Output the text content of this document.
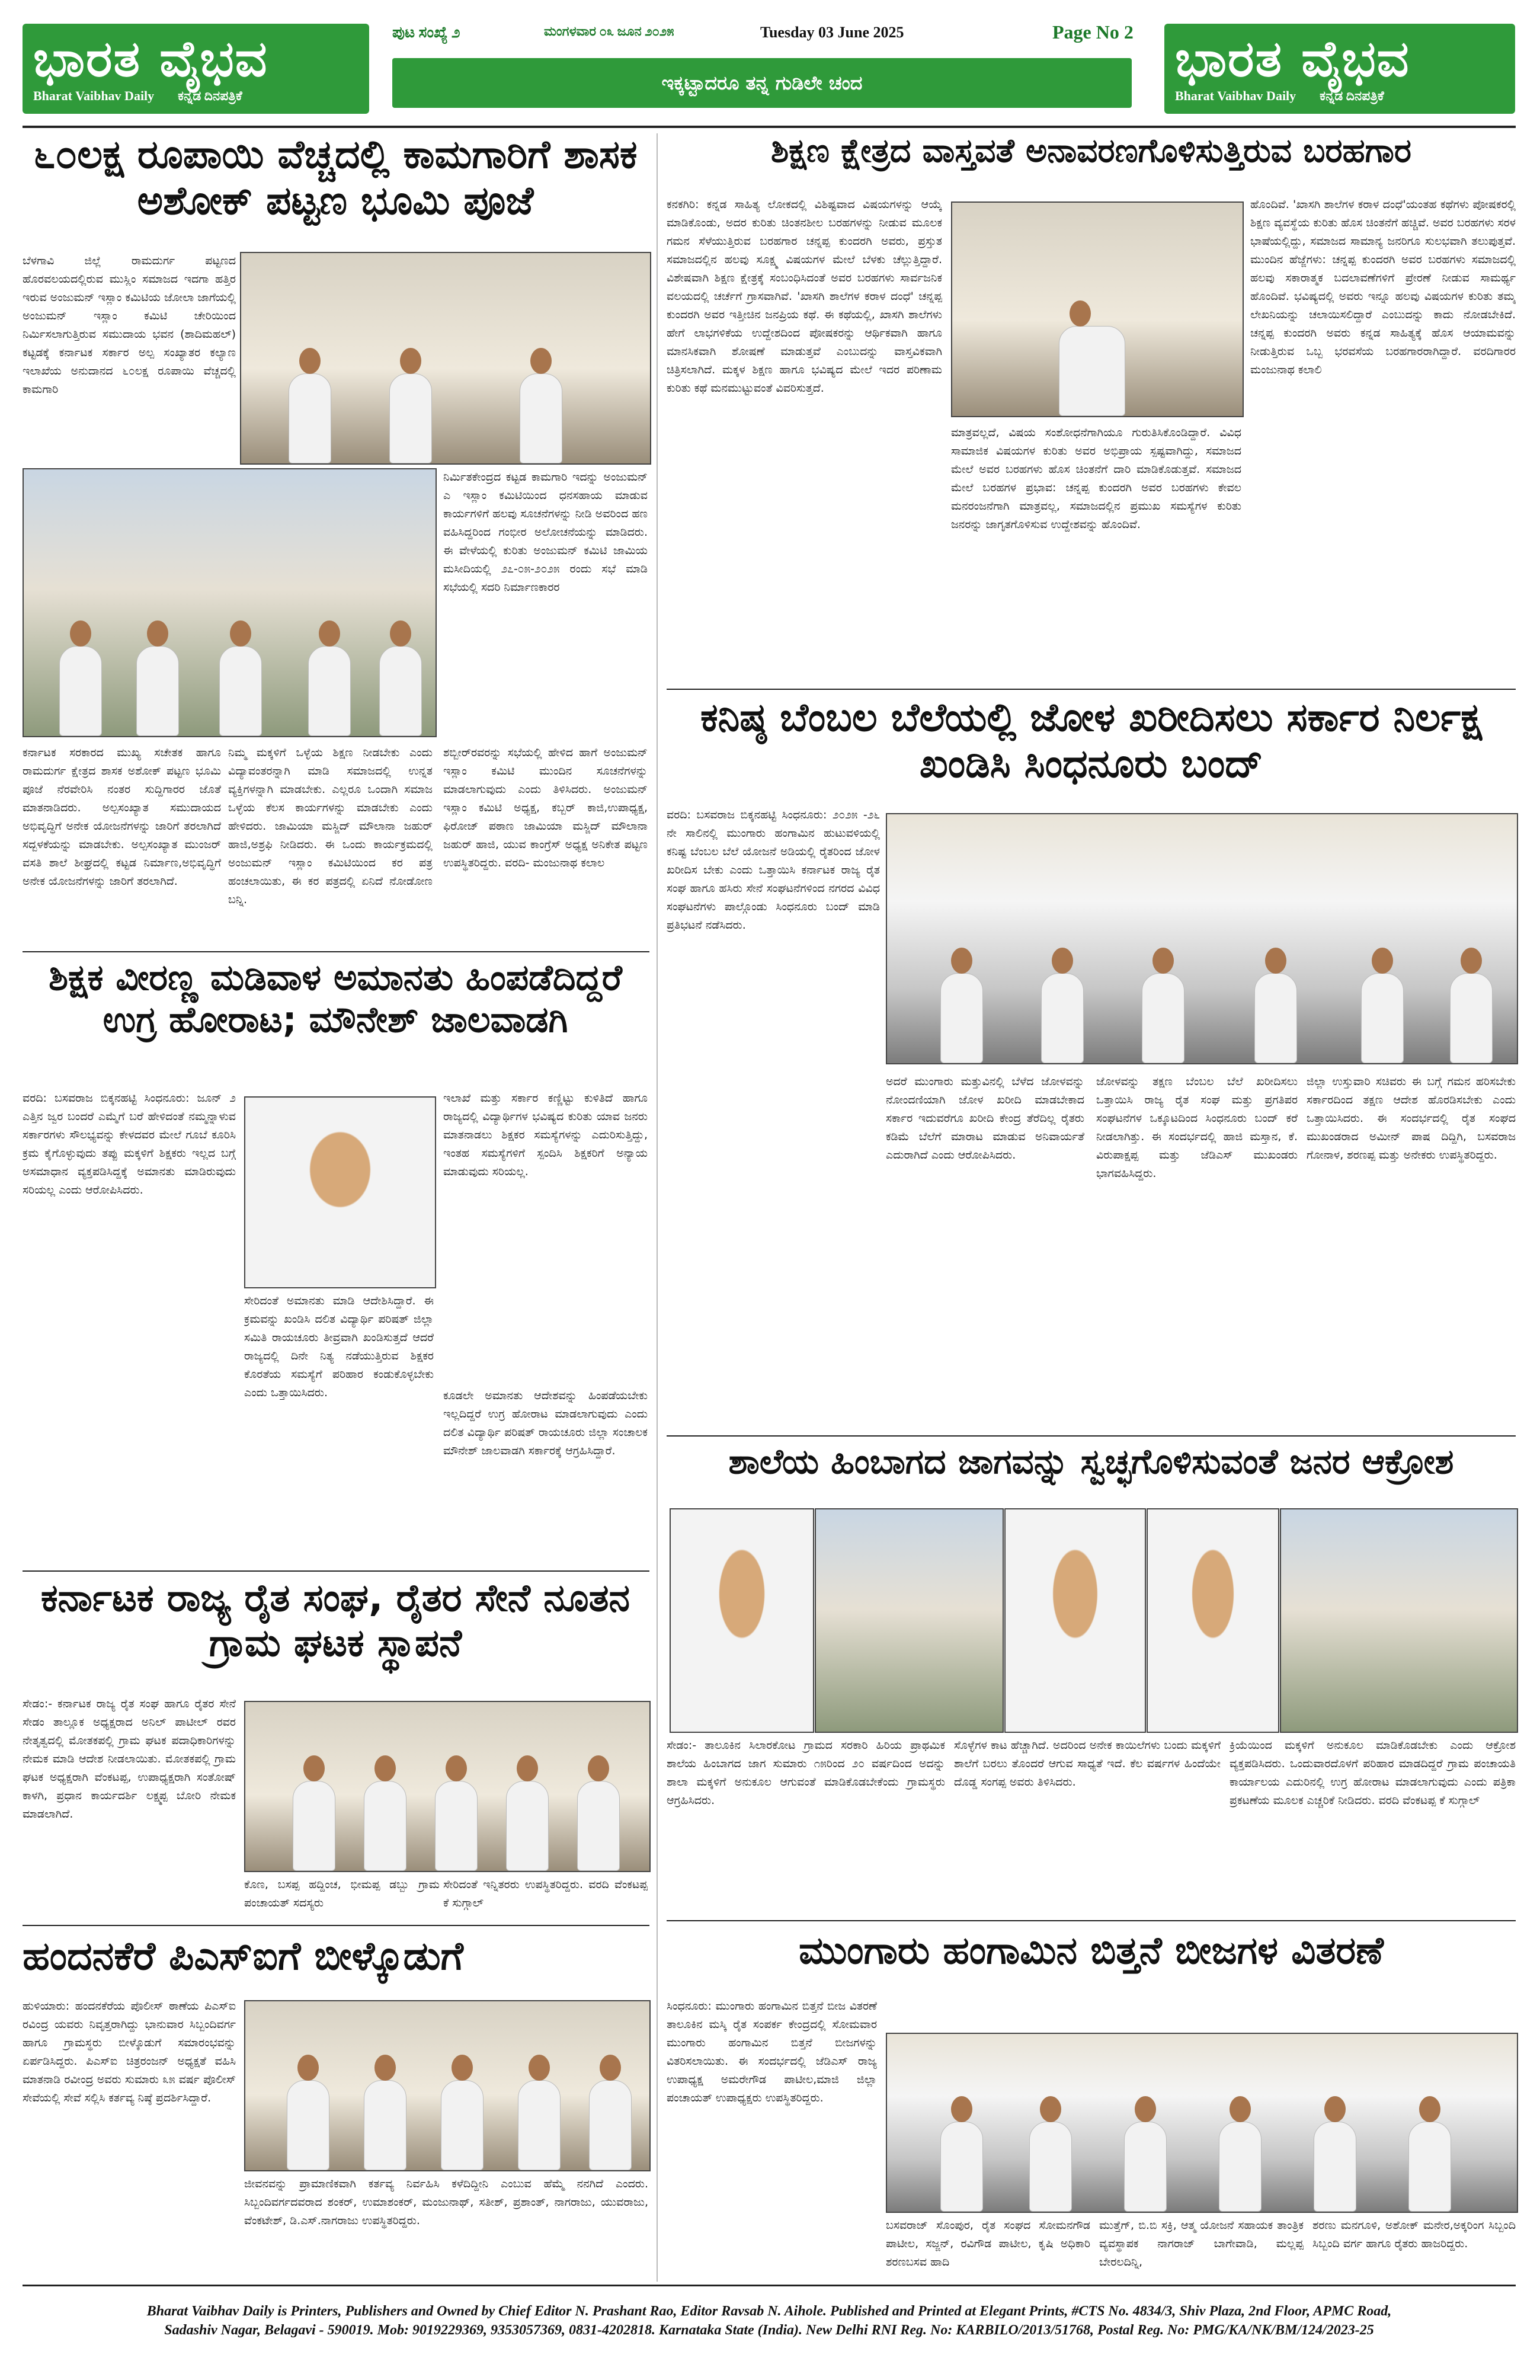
ಭಾರತ ವೈಭವ
Bharat Vaibhav Daily ಕನ್ನಡ ದಿನಪತ್ರಿಕೆ
ಭಾರತ ವೈಭವ
Bharat Vaibhav Daily ಕನ್ನಡ ದಿನಪತ್ರಿಕೆ
ಪುಟ ಸಂಖ್ಯೆ ೨	ಮಂಗಳವಾರ ೦೩ ಜೂನ ೨೦೨೫	Tuesday 03 June 2025	Page No 2
ಇಕ್ಕಟ್ಟಾದರೂ ತನ್ನ ಗುಡಿಲೇ ಚಂದ
೬೦ಲಕ್ಷ ರೂಪಾಯಿ ವೆಚ್ಚದಲ್ಲಿ ಕಾಮಗಾರಿಗೆ ಶಾಸಕ ಅಶೋಕ್ ಪಟ್ಟಣ ಭೂಮಿ ಪೂಜೆ
ಬೆಳಗಾವಿ ಜಿಲ್ಲೆ ರಾಮದುರ್ಗ ಪಟ್ಟಣದ ಹೊರವಲಯದಲ್ಲಿರುವ ಮುಸ್ಲಿಂ ಸಮಾಜದ ಇದಗಾ ಹತ್ತಿರ ಇರುವ ಅಂಜುಮನ್ ಇಸ್ಲಾಂ ಕಮಿಟಿಯ ಜೋಲಾ ಜಾಗೆಯಲ್ಲಿ ಅಂಜುಮನ್ ಇಸ್ಲಾಂ ಕಮಿಟಿ ಚೇರಿಯಿಂದ ನಿರ್ಮಿಸಲಾಗುತ್ತಿರುವ ಸಮುದಾಯ ಭವನ (ಶಾದಿಮಹಲ್) ಕಟ್ಟಡಕ್ಕೆ ಕರ್ನಾಟಕ ಸರ್ಕಾರ ಅಲ್ಪ ಸಂಖ್ಯಾತರ ಕಲ್ಯಾಣ ಇಲಾಖೆಯ ಅನುದಾನದ ೬೦ಲಕ್ಷ ರೂಪಾಯಿ ವೆಚ್ಚದಲ್ಲಿ ಕಾಮಗಾರಿ
ನಿರ್ಮಿತಕೇಂದ್ರದ ಕಟ್ಟಡ ಕಾಮಗಾರಿ ಇದನ್ನು ಅಂಜುಮನ್ ಎ ಇಸ್ಲಾಂ ಕಮಿಟಿಯಿಂದ ಧನಸಹಾಯ ಮಾಡುವ ಕಾರ್ಯಗಳಿಗೆ ಹಲವು ಸೂಚನೆಗಳನ್ನು ನೀಡಿ ಅವರಿಂದ ಹಣ ವಹಿಸಿದ್ದರಿಂದ ಗಂಭೀರ ಅಲೋಚನೆಯನ್ನು ಮಾಡಿದರು. ಈ ವೇಳೆಯಲ್ಲಿ ಕುರಿತು ಅಂಜುಮನ್ ಕಮಿಟಿ ಜಾಮಿಯ ಮಸೀದಿಯಲ್ಲಿ ೨೭-೦೫-೨೦೨೫ ರಂದು ಸಭೆ ಮಾಡಿ ಸಭೆಯಲ್ಲಿ ಸದರಿ ನಿರ್ಮಾಣಕಾರರ
ಕರ್ನಾಟಕ ಸರಕಾರದ ಮುಖ್ಯ ಸಚೇತಕ ಹಾಗೂ ರಾಮದುರ್ಗ ಕ್ಷೇತ್ರದ ಶಾಸಕ ಅಶೋಕ್ ಪಟ್ಟಣ ಭೂಮಿ ಪೂಜೆ ನೆರವೇರಿಸಿ ನಂತರ ಸುದ್ದಿಗಾರರ ಜೊತೆ ಮಾತನಾಡಿದರು. ಅಲ್ಪಸಂಖ್ಯಾತ ಸಮುದಾಯದ ಅಭಿವೃದ್ಧಿಗೆ ಅನೇಕ ಯೋಜನೆಗಳನ್ನು ಜಾರಿಗೆ ತರಲಾಗಿದೆ ಸದ್ಬಳಕೆಯನ್ನು ಮಾಡಬೇಕು. ಅಲ್ಪಸಂಖ್ಯಾತ ಮುಂಜರ್ ವಸತಿ ಶಾಲೆ ಶೀಘ್ರದಲ್ಲಿ ಕಟ್ಟಡ ನಿರ್ಮಾಣ,ಅಭಿವೃದ್ಧಿಗೆ ಅನೇಕ ಯೋಜನೆಗಳನ್ನು ಜಾರಿಗೆ ತರಲಾಗಿದೆ.
ನಿಮ್ಮ ಮಕ್ಕಳಿಗೆ ಒಳ್ಳೆಯ ಶಿಕ್ಷಣ ನೀಡಬೇಕು ಎಂದು ವಿದ್ಯಾವಂತರನ್ನಾಗಿ ಮಾಡಿ ಸಮಾಜದಲ್ಲಿ ಉನ್ನತ ವ್ಯಕ್ತಿಗಳನ್ನಾಗಿ ಮಾಡಬೇಕು. ಎಲ್ಲರೂ ಒಂದಾಗಿ ಸಮಾಜ ಒಳ್ಳೆಯ ಕೆಲಸ ಕಾರ್ಯಗಳನ್ನು ಮಾಡಬೇಕು ಎಂದು ಹೇಳಿದರು. ಜಾಮಿಯಾ ಮಸ್ಜಿದ್ ಮೌಲಾನಾ ಜಹುರ್ ಹಾಜಿ,ಅಶ್ರಫಿ ನೀಡಿದರು. ಈ ಒಂದು ಕಾರ್ಯಕ್ರಮದಲ್ಲಿ ಅಂಜುಮನ್ ಇಸ್ಲಾಂ ಕಮಿಟಿಯಿಂದ ಕರ ಪತ್ರ ಹಂಚಲಾಯಿತು, ಈ ಕರ ಪತ್ರದಲ್ಲಿ ಏನಿದೆ ನೋಡೋಣ ಬನ್ನಿ.
ಶಬ್ಬೀರ್‌ರವರನ್ನು ಸಭೆಯಲ್ಲಿ ಹೇಳಿದ ಹಾಗೆ ಅಂಜುಮನ್ ಇಸ್ಲಾಂ ಕಮಿಟಿ ಮುಂದಿನ ಸೂಚನೆಗಳನ್ನು ಮಾಡಲಾಗುವುದು ಎಂದು ತಿಳಿಸಿದರು. ಅಂಜುಮನ್ ಇಸ್ಲಾಂ ಕಮಿಟಿ ಅಧ್ಯಕ್ಷ, ಕಬ್ಬರ್ ಕಾಜಿ,ಉಪಾಧ್ಯಕ್ಷ, ಫಿರೋಜ್ ಪಠಾಣ ಜಾಮಿಯಾ ಮಸ್ಜಿದ್ ಮೌಲಾನಾ ಜಹುರ್ ಹಾಜಿ, ಯುವ ಕಾಂಗ್ರೆಸ್ ಅಧ್ಯಕ್ಷ ಅನಿಕೇತ ಪಟ್ಟಣ ಉಪಸ್ಥಿತರಿದ್ದರು. ವರದಿ- ಮಂಜುನಾಥ ಕಲಾಲ
ಶಿಕ್ಷಣ ಕ್ಷೇತ್ರದ ವಾಸ್ತವತೆ ಅನಾವರಣಗೊಳಿಸುತ್ತಿರುವ ಬರಹಗಾರ
ಕನಕಗಿರಿ: ಕನ್ನಡ ಸಾಹಿತ್ಯ ಲೋಕದಲ್ಲಿ ವಿಶಿಷ್ಟವಾದ ವಿಷಯಗಳನ್ನು ಆಯ್ಕೆ ಮಾಡಿಕೊಂಡು, ಅದರ ಕುರಿತು ಚಿಂತನಶೀಲ ಬರಹಗಳನ್ನು ನೀಡುವ ಮೂಲಕ ಗಮನ ಸೆಳೆಯುತ್ತಿರುವ ಬರಹಗಾರ ಚನ್ನಪ್ಪ ಕುಂದರಗಿ ಅವರು, ಪ್ರಸ್ತುತ ಸಮಾಜದಲ್ಲಿನ ಹಲವು ಸೂಕ್ಷ್ಮ ವಿಷಯಗಳ ಮೇಲೆ ಬೆಳಕು ಚೆಲ್ಲುತ್ತಿದ್ದಾರೆ. ವಿಶೇಷವಾಗಿ ಶಿಕ್ಷಣ ಕ್ಷೇತ್ರಕ್ಕೆ ಸಂಬಂಧಿಸಿದಂತೆ ಅವರ ಬರಹಗಳು ಸಾರ್ವಜನಿಕ ವಲಯದಲ್ಲಿ ಚರ್ಚೆಗೆ ಗ್ರಾಸವಾಗಿವೆ. 'ಖಾಸಗಿ ಶಾಲೆಗಳ ಕರಾಳ ದಂಧೆ' ಚನ್ನಪ್ಪ ಕುಂದರಗಿ ಅವರ ಇತ್ತೀಚಿನ ಜನಪ್ರಿಯ ಕಥೆ. ಈ ಕಥೆಯಲ್ಲಿ, ಖಾಸಗಿ ಶಾಲೆಗಳು ಹೇಗೆ ಲಾಭಗಳಿಕೆಯ ಉದ್ದೇಶದಿಂದ ಪೋಷಕರನ್ನು ಆರ್ಥಿಕವಾಗಿ ಹಾಗೂ ಮಾನಸಿಕವಾಗಿ ಶೋಷಣೆ ಮಾಡುತ್ತವೆ ಎಂಬುದನ್ನು ವಾಸ್ತವಿಕವಾಗಿ ಚಿತ್ರಿಸಲಾಗಿದೆ. ಮಕ್ಕಳ ಶಿಕ್ಷಣ ಹಾಗೂ ಭವಿಷ್ಯದ ಮೇಲೆ ಇದರ ಪರಿಣಾಮ ಕುರಿತು ಕಥೆ ಮನಮುಟ್ಟುವಂತೆ ವಿವರಿಸುತ್ತದೆ.
ಮಾತ್ರವಲ್ಲದೆ, ವಿಷಯ ಸಂಶೋಧನೆಗಾಗಿಯೂ ಗುರುತಿಸಿಕೊಂಡಿದ್ದಾರೆ. ವಿವಿಧ ಸಾಮಾಜಿಕ ವಿಷಯಗಳ ಕುರಿತು ಅವರ ಅಭಿಪ್ರಾಯ ಸ್ಪಷ್ಟವಾಗಿದ್ದು, ಸಮಾಜದ ಮೇಲೆ ಅವರ ಬರಹಗಳು ಹೊಸ ಚಿಂತನೆಗೆ ದಾರಿ ಮಾಡಿಕೊಡುತ್ತವೆ. ಸಮಾಜದ ಮೇಲೆ ಬರಹಗಳ ಪ್ರಭಾವ: ಚನ್ನಪ್ಪ ಕುಂದರಗಿ ಅವರ ಬರಹಗಳು ಕೇವಲ ಮನರಂಜನೆಗಾಗಿ ಮಾತ್ರವಲ್ಲ, ಸಮಾಜದಲ್ಲಿನ ಪ್ರಮುಖ ಸಮಸ್ಯೆಗಳ ಕುರಿತು ಜನರನ್ನು ಜಾಗೃತಗೊಳಿಸುವ ಉದ್ದೇಶವನ್ನು ಹೊಂದಿವೆ.
ಹೊಂದಿವೆ. 'ಖಾಸಗಿ ಶಾಲೆಗಳ ಕರಾಳ ದಂಧೆ'ಯಂತಹ ಕಥೆಗಳು ಪೋಷಕರಲ್ಲಿ ಶಿಕ್ಷಣ ವ್ಯವಸ್ಥೆಯ ಕುರಿತು ಹೊಸ ಚಿಂತನೆಗೆ ಹಚ್ಚಿವೆ. ಅವರ ಬರಹಗಳು ಸರಳ ಭಾಷೆಯಲ್ಲಿದ್ದು, ಸಮಾಜದ ಸಾಮಾನ್ಯ ಜನರಿಗೂ ಸುಲಭವಾಗಿ ತಲುಪುತ್ತವೆ. ಮುಂದಿನ ಹೆಜ್ಜೆಗಳು: ಚನ್ನಪ್ಪ ಕುಂದರಗಿ ಅವರ ಬರಹಗಳು ಸಮಾಜದಲ್ಲಿ ಹಲವು ಸಕಾರಾತ್ಮಕ ಬದಲಾವಣೆಗಳಿಗೆ ಪ್ರೇರಣೆ ನೀಡುವ ಸಾಮರ್ಥ್ಯ ಹೊಂದಿವೆ. ಭವಿಷ್ಯದಲ್ಲಿ ಅವರು ಇನ್ನೂ ಹಲವು ವಿಷಯಗಳ ಕುರಿತು ತಮ್ಮ ಲೇಖನಿಯನ್ನು ಚಲಾಯಿಸಲಿದ್ದಾರೆ ಎಂಬುದನ್ನು ಕಾದು ನೋಡಬೇಕಿದೆ. ಚನ್ನಪ್ಪ ಕುಂದರಗಿ ಅವರು ಕನ್ನಡ ಸಾಹಿತ್ಯಕ್ಕೆ ಹೊಸ ಆಯಾಮವನ್ನು ನೀಡುತ್ತಿರುವ ಒಬ್ಬ ಭರವಸೆಯ ಬರಹಗಾರರಾಗಿದ್ದಾರೆ. ವರದಿಗಾರರ ಮಂಜುನಾಥ ಕಲಾಲಿ
ಕನಿಷ್ಠ ಬೆಂಬಲ ಬೆಲೆಯಲ್ಲಿ ಜೋಳ ಖರೀದಿಸಲು ಸರ್ಕಾರ ನಿರ್ಲಕ್ಷ ಖಂಡಿಸಿ ಸಿಂಧನೂರು ಬಂದ್
ವರದಿ: ಬಸವರಾಜ ಬಿಕ್ಕನಹಟ್ಟಿ ಸಿಂಧನೂರು: ೨೦೨೫ -೨೬ ನೇ ಸಾಲಿನಲ್ಲಿ ಮುಂಗಾರು ಹಂಗಾಮಿನ ಹುಟುವಳಿಯಲ್ಲಿ ಕನಿಷ್ಟ ಬೆಂಬಲ ಬೆಲೆ ಯೋಜನೆ ಅಡಿಯಲ್ಲಿ ರೈತರಿಂದ ಜೋಳ ಖರೀದಿಸ ಬೇಕು ಎಂದು ಒತ್ತಾಯಿಸಿ ಕರ್ನಾಟಕ ರಾಜ್ಯ ರೈತ ಸಂಘ ಹಾಗೂ ಹಸಿರು ಸೇನೆ ಸಂಘಟನೆಗಳಿಂದ ನಗರದ ವಿವಿಧ ಸಂಘಟನೆಗಳು ಪಾಲ್ಗೊಂಡು ಸಿಂಧನೂರು ಬಂದ್ ಮಾಡಿ ಪ್ರತಿಭಟನೆ ನಡೆಸಿದರು.
ಅದರೆ ಮುಂಗಾರು ಮತ್ತುವಿನಲ್ಲಿ ಬೆಳೆದ ಜೋಳವನ್ನು ನೋಂದಣಿಯಾಗಿ ಜೋಳ ಖರೀದಿ ಮಾಡಬೇಕಾದ ಸರ್ಕಾರ ಇದುವರೆಗೂ ಖರೀದಿ ಕೇಂದ್ರ ತೆರೆದಿಲ್ಲ ರೈತರು ಕಡಿಮೆ ಬೆಲೆಗೆ ಮಾರಾಟ ಮಾಡುವ ಅನಿವಾರ್ಯತೆ ಎದುರಾಗಿದೆ ಎಂದು ಆರೋಪಿಸಿದರು.
ಜೋಳವನ್ನು ತಕ್ಷಣ ಬೆಂಬಲ ಬೆಲೆ ಖರೀದಿಸಲು ಒತ್ತಾಯಿಸಿ ರಾಜ್ಯ ರೈತ ಸಂಘ ಮತ್ತು ಪ್ರಗತಿಪರ ಸಂಘಟನೆಗಳ ಒಕ್ಕೂಟದಿಂದ ಸಿಂಧನೂರು ಬಂದ್ ಕರೆ ನೀಡಲಾಗಿತ್ತು. ಈ ಸಂದರ್ಭದಲ್ಲಿ ಹಾಜಿ ಮಸ್ತಾನ, ಕೆ. ವಿರುಪಾಕ್ಷಪ್ಪ ಮತ್ತು ಜೆಡಿಎಸ್ ಮುಖಂಡರು ಭಾಗವಹಿಸಿದ್ದರು.
ಜಿಲ್ಲಾ ಉಸ್ತುವಾರಿ ಸಚಿವರು ಈ ಬಗ್ಗೆ ಗಮನ ಹರಿಸಬೇಕು ಸರ್ಕಾರದಿಂದ ತಕ್ಷಣ ಆದೇಶ ಹೊರಡಿಸಬೇಕು ಎಂದು ಒತ್ತಾಯಿಸಿದರು. ಈ ಸಂದರ್ಭದಲ್ಲಿ ರೈತ ಸಂಘದ ಮುಖಂಡರಾದ ಅಮೀನ್ ಪಾಷ ದಿದ್ದಿಗಿ, ಬಸವರಾಜ ಗೋನಾಳ, ಶರಣಪ್ಪ ಮತ್ತು ಅನೇಕರು ಉಪಸ್ಥಿತರಿದ್ದರು.
ಶಿಕ್ಷಕ ವೀರಣ್ಣ ಮಡಿವಾಳ ಅಮಾನತು ಹಿಂಪಡೆದಿದ್ದರೆ ಉಗ್ರ ಹೋರಾಟ; ಮೌನೇಶ್ ಜಾಲವಾಡಗಿ
ವರದಿ: ಬಸವರಾಜ ಬಿಕ್ಕನಹಟ್ಟಿ ಸಿಂಧನೂರು: ಜೂನ್ ೨ ಎತ್ತಿನ ಜ್ವರ ಬಂದರೆ ಎಮ್ಮೆಗೆ ಬರೆ ಹೇಳಿದಂತೆ ನಮ್ಮನ್ನಾಳುವ ಸರ್ಕಾರಗಳು ಸೌಲಭ್ಯವನ್ನು ಕೇಳದವರ ಮೇಲೆ ಗೂಬೆ ಕೂರಿಸಿ ಕ್ರಮ ಕೈಗೊಳ್ಳುವುದು ತಪ್ಪು ಮಕ್ಕಳಿಗೆ ಶಿಕ್ಷಕರು ಇಲ್ಲದ ಬಗ್ಗೆ ಅಸಮಾಧಾನ ವ್ಯಕ್ತಪಡಿಸಿದ್ದಕ್ಕೆ ಅಮಾನತು ಮಾಡಿರುವುದು ಸರಿಯಲ್ಲ ಎಂದು ಆರೋಪಿಸಿದರು.
ಸೇರಿದಂತೆ ಅಮಾನತು ಮಾಡಿ ಆದೇಶಿಸಿದ್ದಾರೆ. ಈ ಕ್ರಮವನ್ನು ಖಂಡಿಸಿ ದಲಿತ ವಿದ್ಯಾರ್ಥಿ ಪರಿಷತ್ ಜಿಲ್ಲಾ ಸಮಿತಿ ರಾಯಚೂರು ತೀವ್ರವಾಗಿ ಖಂಡಿಸುತ್ತದೆ ಆದರೆ ರಾಜ್ಯದಲ್ಲಿ ದಿನೇ ನಿತ್ಯ ನಡೆಯುತ್ತಿರುವ ಶಿಕ್ಷಕರ ಕೊರತೆಯ ಸಮಸ್ಯೆಗೆ ಪರಿಹಾರ ಕಂಡುಕೊಳ್ಳಬೇಕು ಎಂದು ಒತ್ತಾಯಿಸಿದರು.
ಇಲಾಖೆ ಮತ್ತು ಸರ್ಕಾರ ಕಣ್ಣಿಟ್ಟು ಕುಳಿತಿದೆ ಹಾಗೂ ರಾಜ್ಯದಲ್ಲಿ ವಿದ್ಯಾರ್ಥಿಗಳ ಭವಿಷ್ಯದ ಕುರಿತು ಯಾವ ಜನರು ಮಾತನಾಡಲು ಶಿಕ್ಷಕರ ಸಮಸ್ಯೆಗಳನ್ನು ಎದುರಿಸುತ್ತಿದ್ದು, ಇಂತಹ ಸಮಸ್ಯೆಗಳಿಗೆ ಸ್ಪಂದಿಸಿ ಶಿಕ್ಷಕರಿಗೆ ಅನ್ಯಾಯ ಮಾಡುವುದು ಸರಿಯಲ್ಲ.
ಕೂಡಲೇ ಅಮಾನತು ಆದೇಶವನ್ನು ಹಿಂಪಡೆಯಬೇಕು ಇಲ್ಲದಿದ್ದರೆ ಉಗ್ರ ಹೋರಾಟ ಮಾಡಲಾಗುವುದು ಎಂದು ದಲಿತ ವಿದ್ಯಾರ್ಥಿ ಪರಿಷತ್ ರಾಯಚೂರು ಜಿಲ್ಲಾ ಸಂಚಾಲಕ ಮೌನೇಶ್ ಜಾಲವಾಡಗಿ ಸರ್ಕಾರಕ್ಕೆ ಆಗ್ರಹಿಸಿದ್ದಾರೆ.
ಕರ್ನಾಟಕ ರಾಜ್ಯ ರೈತ ಸಂಘ, ರೈತರ ಸೇನೆ ನೂತನ ಗ್ರಾಮ ಘಟಕ ಸ್ಥಾಪನೆ
ಸೇಡಂ:- ಕರ್ನಾಟಕ ರಾಜ್ಯ ರೈತ ಸಂಘ ಹಾಗೂ ರೈತರ ಸೇನೆ ಸೇಡಂ ತಾಲ್ಲೂಕ ಅಧ್ಯಕ್ಷರಾದ ಅನಿಲ್ ಪಾಟೀಲ್ ರವರ ನೇತೃತ್ವದಲ್ಲಿ ಮೋತಕಪಲ್ಲಿ ಗ್ರಾಮ ಘಟಕ ಪದಾಧಿಕಾರಿಗಳನ್ನು ನೇಮಕ ಮಾಡಿ ಆದೇಶ ನೀಡಲಾಯಿತು. ಮೋತಕಪಲ್ಲಿ ಗ್ರಾಮ ಘಟಕ ಅಧ್ಯಕ್ಷರಾಗಿ ವೆಂಕಟಪ್ಪ, ಉಪಾಧ್ಯಕ್ಷರಾಗಿ ಸಂತೋಷ್ ಕಾಳಗಿ, ಪ್ರಧಾನ ಕಾರ್ಯದರ್ಶಿ ಲಕ್ಷ್ಮಪ್ಪ ಬೋರಿ ನೇಮಕ ಮಾಡಲಾಗಿದೆ.
ಕೊಣ, ಬಸಪ್ಪ ಹದ್ದಿಂಚ, ಭೀಮಪ್ಪ ಡಬ್ಬು ಗ್ರಾಮ ಪಂಚಾಯತ್ ಸದಸ್ಯರು
ಸೇರಿದಂತೆ ಇನ್ನಿತರರು ಉಪಸ್ಥಿತರಿದ್ದರು. ವರದಿ ವೆಂಕಟಪ್ಪ ಕೆ ಸುಗ್ಗಾಲ್
ಶಾಲೆಯ ಹಿಂಬಾಗದ ಜಾಗವನ್ನು ಸ್ವಚ್ಛಗೊಳಿಸುವಂತೆ ಜನರ ಆಕ್ರೋಶ
ಸೇಡಂ:- ತಾಲೂಕಿನ ಸಿಲಾರಕೋಟ ಗ್ರಾಮದ ಸರಕಾರಿ ಹಿರಿಯ ಪ್ರಾಥಮಿಕ ಶಾಲೆಯ ಹಿಂಬಾಗದ ಜಾಗ ಸುಮಾರು ೧೫ರಿಂದ ೨೦ ವರ್ಷದಿಂದ ಅದನ್ನು ಶಾಲಾ ಮಕ್ಕಳಿಗೆ ಅನುಕೂಲ ಆಗುವಂತೆ ಮಾಡಿಕೊಡಬೇಕೆಂದು ಗ್ರಾಮಸ್ಥರು ಆಗ್ರಹಿಸಿದರು.
ಸೊಳ್ಳೆಗಳ ಕಾಟ ಹೆಚ್ಚಾಗಿದೆ. ಅದರಿಂದ ಅನೇಕ ಕಾಯಿಲೆಗಳು ಬಂದು ಮಕ್ಕಳಿಗೆ ಶಾಲೆಗೆ ಬರಲು ತೊಂದರೆ ಆಗುವ ಸಾಧ್ಯತೆ ಇದೆ. ಕೆಲ ವರ್ಷಗಳ ಹಿಂದೆಯೇ ದೊಡ್ಡ ಸಂಗಪ್ಪ ಅವರು ತಿಳಿಸಿದರು.
ಕ್ರಿಯೆಯಿಂದ ಮಕ್ಕಳಿಗೆ ಅನುಕೂಲ ಮಾಡಿಕೊಡಬೇಕು ಎಂದು ಆಕ್ರೋಶ ವ್ಯಕ್ತಪಡಿಸಿದರು. ಒಂದುವಾರದೊಳಗೆ ಪರಿಹಾರ ಮಾಡದಿದ್ದರೆ ಗ್ರಾಮ ಪಂಚಾಯತಿ ಕಾರ್ಯಾಲಯ ಎದುರಿನಲ್ಲಿ ಉಗ್ರ ಹೋರಾಟ ಮಾಡಲಾಗುವುದು ಎಂದು ಪತ್ರಿಕಾ ಪ್ರಕಟಣೆಯ ಮೂಲಕ ಎಚ್ಚರಿಕೆ ನೀಡಿದರು. ವರದಿ ವೆಂಕಟಪ್ಪ ಕೆ ಸುಗ್ಗಾಲ್
ಹಂದನಕೆರೆ ಪಿಎಸ್ಐಗೆ ಬೀಳ್ಕೊಡುಗೆ
ಹುಳಿಯಾರು: ಹಂದನಕೆರೆಯ ಪೊಲೀಸ್ ಠಾಣೆಯ ಪಿಎಸ್ಐ ರವಿಂದ್ರ ಯವರು ನಿವೃತ್ತರಾಗಿದ್ದು ಭಾನುವಾರ ಸಿಬ್ಬಂದಿವರ್ಗ ಹಾಗೂ ಗ್ರಾಮಸ್ಥರು ಬೀಳ್ಕೊಡುಗೆ ಸಮಾರಂಭವನ್ನು ಏರ್ಪಡಿಸಿದ್ದರು. ಪಿಎಸ್ಐ ಚಿತ್ರರಂಜನ್ ಅಧ್ಯಕ್ಷತೆ ವಹಿಸಿ ಮಾತನಾಡಿ ರವೀಂದ್ರ ಅವರು ಸುಮಾರು ೩೫ ವರ್ಷ ಪೊಲೀಸ್ ಸೇವೆಯಲ್ಲಿ ಸೇವೆ ಸಲ್ಲಿಸಿ ಕರ್ತವ್ಯ ನಿಷ್ಠೆ ಪ್ರದರ್ಶಿಸಿದ್ದಾರೆ.
ಜೀವನವನ್ನು ಪ್ರಾಮಾಣಿಕವಾಗಿ ಕರ್ತವ್ಯ ನಿರ್ವಹಿಸಿ ಕಳೆದಿದ್ದೀನಿ ಎಂಬುವ ಹೆಮ್ಮೆ ನನಗಿದೆ ಎಂದರು. ಸಿಬ್ಬಂದಿವರ್ಗದವರಾದ ಶಂಕರ್, ಉಮಾಶಂಕರ್, ಮಂಜುನಾಥ್, ಸತೀಶ್, ಪ್ರಶಾಂತ್, ನಾಗರಾಜು, ಯುವರಾಜು, ವೆಂಕಟೇಶ್, ಡಿ.ಎಸ್.ನಾಗರಾಜು ಉಪಸ್ಥಿತರಿದ್ದರು.
ಮುಂಗಾರು ಹಂಗಾಮಿನ ಬಿತ್ತನೆ ಬೀಜಗಳ ವಿತರಣೆ
ಸಿಂಧನೂರು: ಮುಂಗಾರು ಹಂಗಾಮಿನ ಬಿತ್ತನೆ ಬೀಜ ವಿತರಣೆ ತಾಲೂಕಿನ ಮಸ್ಕಿ ರೈತ ಸಂಪರ್ಕ ಕೇಂದ್ರದಲ್ಲಿ ಸೋಮವಾರ ಮುಂಗಾರು ಹಂಗಾಮಿನ ಬಿತ್ತನೆ ಬೀಜಗಳನ್ನು ವಿತರಿಸಲಾಯಿತು. ಈ ಸಂದರ್ಭದಲ್ಲಿ ಜೆಡಿಎಸ್ ರಾಜ್ಯ ಉಪಾಧ್ಯಕ್ಷ ಅಮರೇಗೌಡ ಪಾಟೀಲ,ಮಾಜಿ ಜಿಲ್ಲಾ ಪಂಚಾಯತ್ ಉಪಾಧ್ಯಕ್ಷರು ಉಪಸ್ಥಿತರಿದ್ದರು.
ಬಸವರಾಜ್ ಸೊಂಪುರ, ರೈತ ಸಂಘದ ಸೋಮನಗೌಡ ಪಾಟೀಲ, ಸಜ್ಜನ್, ರವಿಗೌಡ ಪಾಟೀಲ, ಕೃಷಿ ಅಧಿಕಾರಿ ಶರಣಬಸವ ಹಾದಿ
ಮುತ್ತೆಗ್, ಬಿ.ಬಿ ಸಕ್ರಿ, ಆತ್ಮ ಯೋಜನೆ ಸಹಾಯಕ ತಾಂತ್ರಿಕ ವ್ಯವಸ್ಥಾಪಕ ನಾಗರಾಜ್ ಬಾಗೇವಾಡಿ, ಮಲ್ಲಪ್ಪ ಬೇರಲದಿನ್ನಿ,
ಶರಣು ಮನಗೂಳಿ, ಅಶೋಕ್ ಮನೇರ,ಅಕ್ಕರಿಂಗ ಸಿಬ್ಬಂದಿ ಸಿಬ್ಬಂದಿ ವರ್ಗ ಹಾಗೂ ರೈತರು ಹಾಜರಿದ್ದರು.
Bharat Vaibhav Daily is Printers, Publishers and Owned by Chief Editor N. Prashant Rao, Editor Ravsab N. Aihole. Published and Printed at Elegant Prints, #CTS No. 4834/3, Shiv Plaza, 2nd Floor, APMC Road,
Sadashiv Nagar, Belagavi - 590019. Mob: 9019229369, 9353057369, 0831-4202818. Karnataka State (India). New Delhi RNI Reg. No: KARBILO/2013/51768, Postal Reg. No: PMG/KA/NK/BM/124/2023-25
